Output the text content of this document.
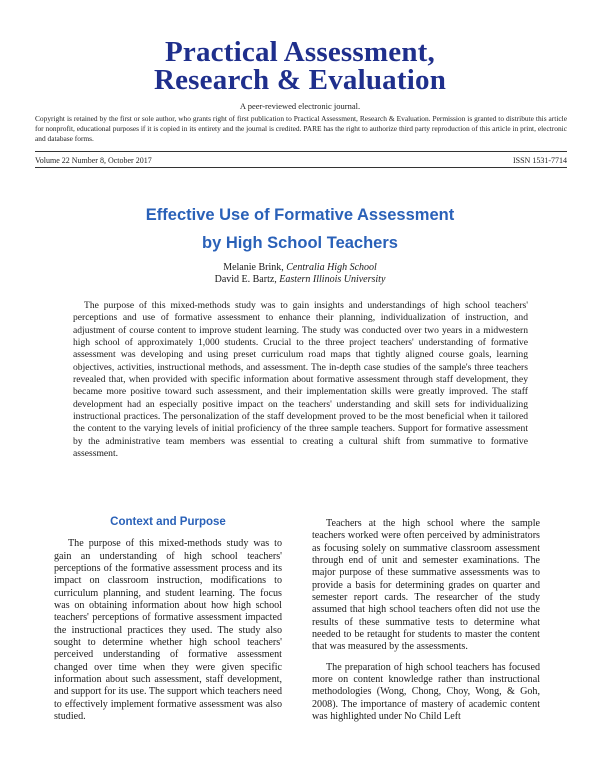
Practical Assessment,
Research & Evaluation
A peer-reviewed electronic journal.
Copyright is retained by the first or sole author, who grants right of first publication to Practical Assessment, Research & Evaluation. Permission is granted to distribute this article for nonprofit, educational purposes if it is copied in its entirety and the journal is credited. PARE has the right to authorize third party reproduction of this article in print, electronic and database forms.
Volume 22 Number 8, October 2017	ISSN 1531-7714
Effective Use of Formative Assessment
by High School Teachers
Melanie Brink, Centralia High School
David E. Bartz, Eastern Illinois University

The purpose of this mixed-methods study was to gain insights and understandings of high school teachers' perceptions and use of formative assessment to enhance their planning, individualization of instruction, and adjustment of course content to improve student learning. The study was conducted over two years in a midwestern high school of approximately 1,000 students. Crucial to the three project teachers' understanding of formative assessment was developing and using preset curriculum road maps that tightly aligned course goals, learning objectives, activities, instructional methods, and assessment. The in-depth case studies of the sample's three teachers revealed that, when provided with specific information about formative assessment through staff development, they became more positive toward such assessment, and their implementation skills were greatly improved. The staff development had an especially positive impact on the teachers' understanding and skill sets for individualizing instructional practices. The personalization of the staff development proved to be the most beneficial when it tailored the content to the varying levels of initial proficiency of the three sample teachers. Support for formative assessment by the administrative team members was essential to creating a cultural shift from summative to formative assessment.

Context and Purpose

The purpose of this mixed-methods study was to gain an understanding of high school teachers' perceptions of the formative assessment process and its impact on classroom instruction, modifications to curriculum planning, and student learning. The focus was on obtaining information about how high school teachers' perceptions of formative assessment impacted the instructional practices they used. The study also sought to determine whether high school teachers' perceived understanding of formative assessment changed over time when they were given specific information about such assessment, staff development, and support for its use. The support which teachers need to effectively implement formative assessment was also studied.

Teachers at the high school where the sample teachers worked were often perceived by administrators as focusing solely on summative classroom assessment through end of unit and semester examinations. The major purpose of these summative assessments was to provide a basis for determining grades on quarter and semester report cards. The researcher of the study assumed that high school teachers often did not use the results of these summative tests to determine what needed to be retaught for students to master the content that was measured by the assessments.

The preparation of high school teachers has focused more on content knowledge rather than instructional methodologies (Wong, Chong, Choy, Wong, & Goh, 2008). The importance of mastery of academic content was highlighted under No Child Left
